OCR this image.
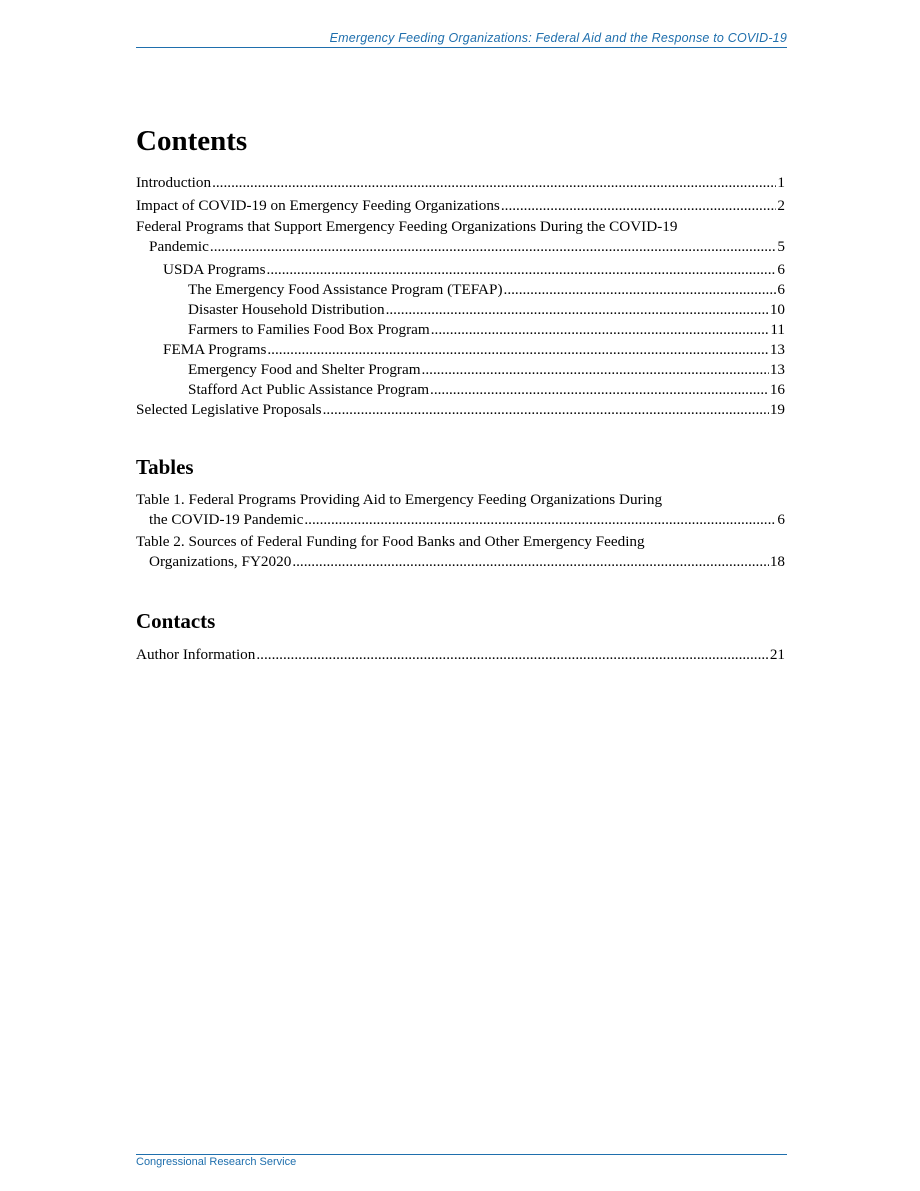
Emergency Feeding Organizations: Federal Aid and the Response to COVID-19
Contents
Introduction .....	1
Impact of COVID-19 on Emergency Feeding Organizations .....	2
Federal Programs that Support Emergency Feeding Organizations During the COVID-19
Pandemic .....	5
USDA Programs .....	6
The Emergency Food Assistance Program (TEFAP) .....	6
Disaster Household Distribution .....	10
Farmers to Families Food Box Program .....	11
FEMA Programs .....	13
Emergency Food and Shelter Program .....	13
Stafford Act Public Assistance Program .....	16
Selected Legislative Proposals .....	19
Tables
Table 1. Federal Programs Providing Aid to Emergency Feeding Organizations During
the COVID-19 Pandemic .....	6
Table 2. Sources of Federal Funding for Food Banks and Other Emergency Feeding
Organizations, FY2020 .....	18
Contacts
Author Information .....	21
Congressional Research Service
